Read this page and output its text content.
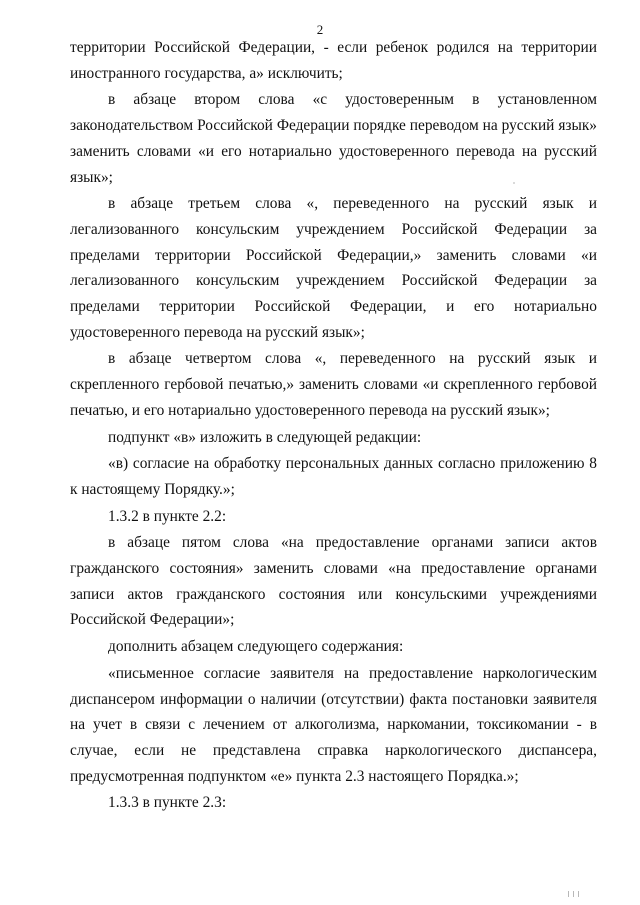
2

территории Российской Федерации, - если ребенок родился на территории иностранного государства, а» исключить;

в абзаце втором слова «с удостоверенным в установленном законодательством Российской Федерации порядке переводом на русский язык» заменить словами «и его нотариально удостоверенного перевода на русский язык»;

в абзаце третьем слова «, переведенного на русский язык и легализованного консульским учреждением Российской Федерации за пределами территории Российской Федерации,» заменить словами «и легализованного консульским учреждением Российской Федерации за пределами территории Российской Федерации, и его нотариально удостоверенного перевода на русский язык»;

в абзаце четвертом слова «, переведенного на русский язык и скрепленного гербовой печатью,» заменить словами «и скрепленного гербовой печатью, и его нотариально удостоверенного перевода на русский язык»;

подпункт «в» изложить в следующей редакции:

«в) согласие на обработку персональных данных согласно приложению 8 к настоящему Порядку.»;

1.3.2 в пункте 2.2:

в абзаце пятом слова «на предоставление органами записи актов гражданского состояния» заменить словами «на предоставление органами записи актов гражданского состояния или консульскими учреждениями Российской Федерации»;

дополнить абзацем следующего содержания:

«письменное согласие заявителя на предоставление наркологическим диспансером информации о наличии (отсутствии) факта постановки заявителя на учет в связи с лечением от алкоголизма, наркомании, токсикомании - в случае, если не представлена справка наркологического диспансера, предусмотренная подпунктом «е» пункта 2.3 настоящего Порядка.»;

1.3.3 в пункте 2.3:
